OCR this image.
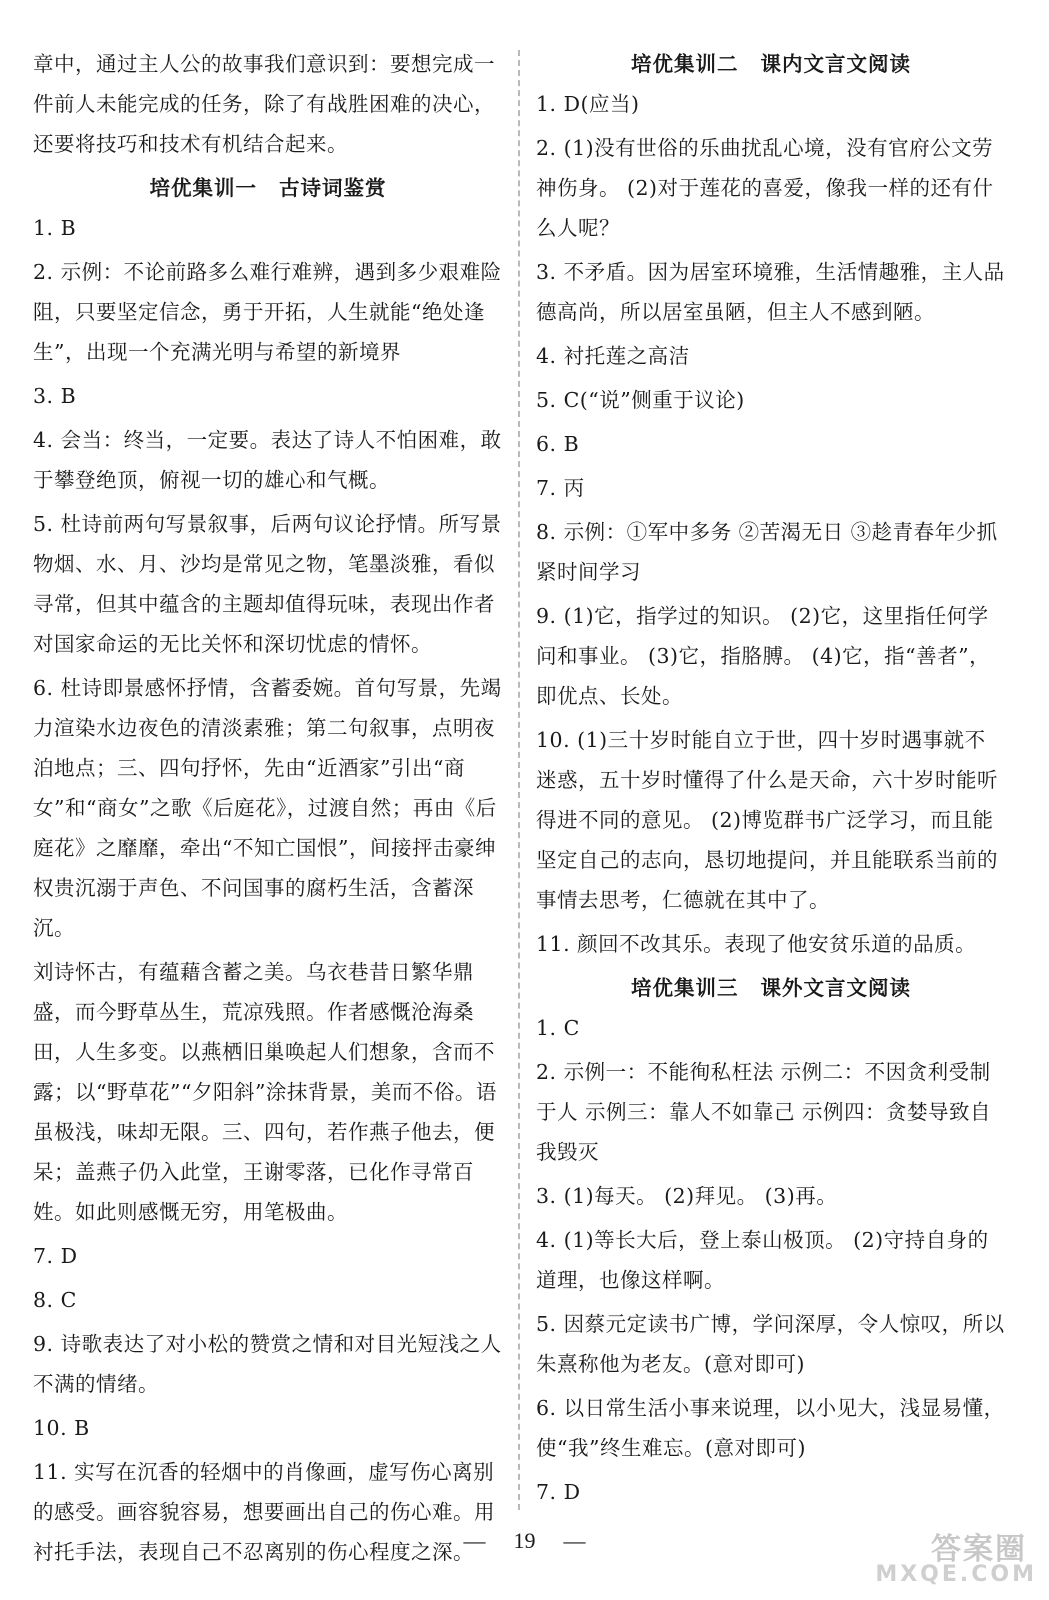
章中，通过主人公的故事我们意识到：要想完成一件前人未能完成的任务，除了有战胜困难的决心，还要将技巧和技术有机结合起来。

培优集训一 古诗词鉴赏

1. B

2. 示例：不论前路多么难行难辨，遇到多少艰难险阻，只要坚定信念，勇于开拓，人生就能“绝处逢生”，出现一个充满光明与希望的新境界

3. B

4. 会当：终当，一定要。表达了诗人不怕困难，敢于攀登绝顶，俯视一切的雄心和气概。

5. 杜诗前两句写景叙事，后两句议论抒情。所写景物烟、水、月、沙均是常见之物，笔墨淡雅，看似寻常，但其中蕴含的主题却值得玩味，表现出作者对国家命运的无比关怀和深切忧虑的情怀。

6. 杜诗即景感怀抒情，含蓄委婉。首句写景，先竭力渲染水边夜色的清淡素雅；第二句叙事，点明夜泊地点；三、四句抒怀，先由“近酒家”引出“商女”和“商女”之歌《后庭花》，过渡自然；再由《后庭花》之靡靡，牵出“不知亡国恨”，间接抨击豪绅权贵沉溺于声色、不问国事的腐朽生活，含蓄深沉。

刘诗怀古，有蕴藉含蓄之美。乌衣巷昔日繁华鼎盛，而今野草丛生，荒凉残照。作者感慨沧海桑田，人生多变。以燕栖旧巢唤起人们想象，含而不露；以“野草花”“夕阳斜”涂抹背景，美而不俗。语虽极浅，味却无限。三、四句，若作燕子他去，便呆；盖燕子仍入此堂，王谢零落，已化作寻常百姓。如此则感慨无穷，用笔极曲。

7. D

8. C

9. 诗歌表达了对小松的赞赏之情和对目光短浅之人不满的情绪。

10. B

11. 实写在沉香的轻烟中的肖像画，虚写伤心离别的感受。画容貌容易，想要画出自己的伤心难。用衬托手法，表现自己不忍离别的伤心程度之深。

培优集训二 课内文言文阅读

1. D(应当)

2. (1)没有世俗的乐曲扰乱心境，没有官府公文劳神伤身。 (2)对于莲花的喜爱，像我一样的还有什么人呢？

3. 不矛盾。因为居室环境雅，生活情趣雅，主人品德高尚，所以居室虽陋，但主人不感到陋。

4. 衬托莲之高洁

5. C(“说”侧重于议论)

6. B

7. 丙

8. 示例：①军中多务 ②苦渴无日 ③趁青春年少抓紧时间学习

9. (1)它，指学过的知识。 (2)它，这里指任何学问和事业。 (3)它，指胳膊。 (4)它，指“善者”，即优点、长处。

10. (1)三十岁时能自立于世，四十岁时遇事就不迷惑，五十岁时懂得了什么是天命，六十岁时能听得进不同的意见。 (2)博览群书广泛学习，而且能坚定自己的志向，恳切地提问，并且能联系当前的事情去思考，仁德就在其中了。

11. 颜回不改其乐。表现了他安贫乐道的品质。

培优集训三 课外文言文阅读

1. C

2. 示例一：不能徇私枉法 示例二：不因贪利受制于人 示例三：靠人不如靠己 示例四：贪婪导致自我毁灭

3. (1)每天。 (2)拜见。 (3)再。

4. (1)等长大后，登上泰山极顶。 (2)守持自身的道理，也像这样啊。

5. 因蔡元定读书广博，学问深厚，令人惊叹，所以朱熹称他为老友。(意对即可)

6. 以日常生活小事来说理，以小见大，浅显易懂，使“我”终生难忘。(意对即可)

7. D

— 19 —	答案圈
MXQE.COM
